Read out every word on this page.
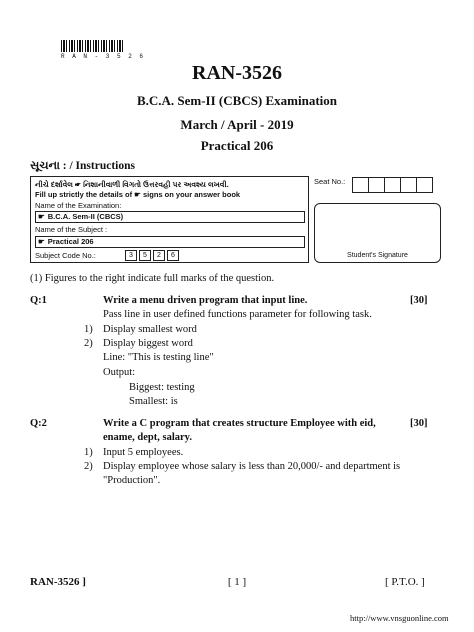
R A N - 3 5 2 6
RAN-3526
B.C.A. Sem-II (CBCS) Examination
March / April - 2019
Practical 206
સૂચના : / Instructions
નીચે દર્શાવેલ ☛ નિશાનીવાળી વિગતો ઉત્તરવહી પર અવશ્ય લખવી.
Fill up strictly the details of ☛ signs on your answer book
Name of the Examination:
☛ B.C.A. Sem-II (CBCS)
Name of the Subject :
☛ Practical 206
Subject Code No.:	3	5	2	6
Seat No.:
Student's Signature
(1) Figures to the right indicate full marks of the question.
Q:1	Write a menu driven program that input line.	[30]
Pass line in user defined functions parameter for following task.
1) Display smallest word
2) Display biggest word
Line: "This is testing line"
Output:
Biggest: testing
Smallest: is
Q:2	Write a C program that creates structure Employee with eid,	[30]
ename, dept, salary.
1) Input 5 employees.
2) Display employee whose salary is less than 20,000/- and department is
"Production".
RAN-3526 ]	[ 1 ]	[ P.T.O. ]
http://www.vnsguonline.com
